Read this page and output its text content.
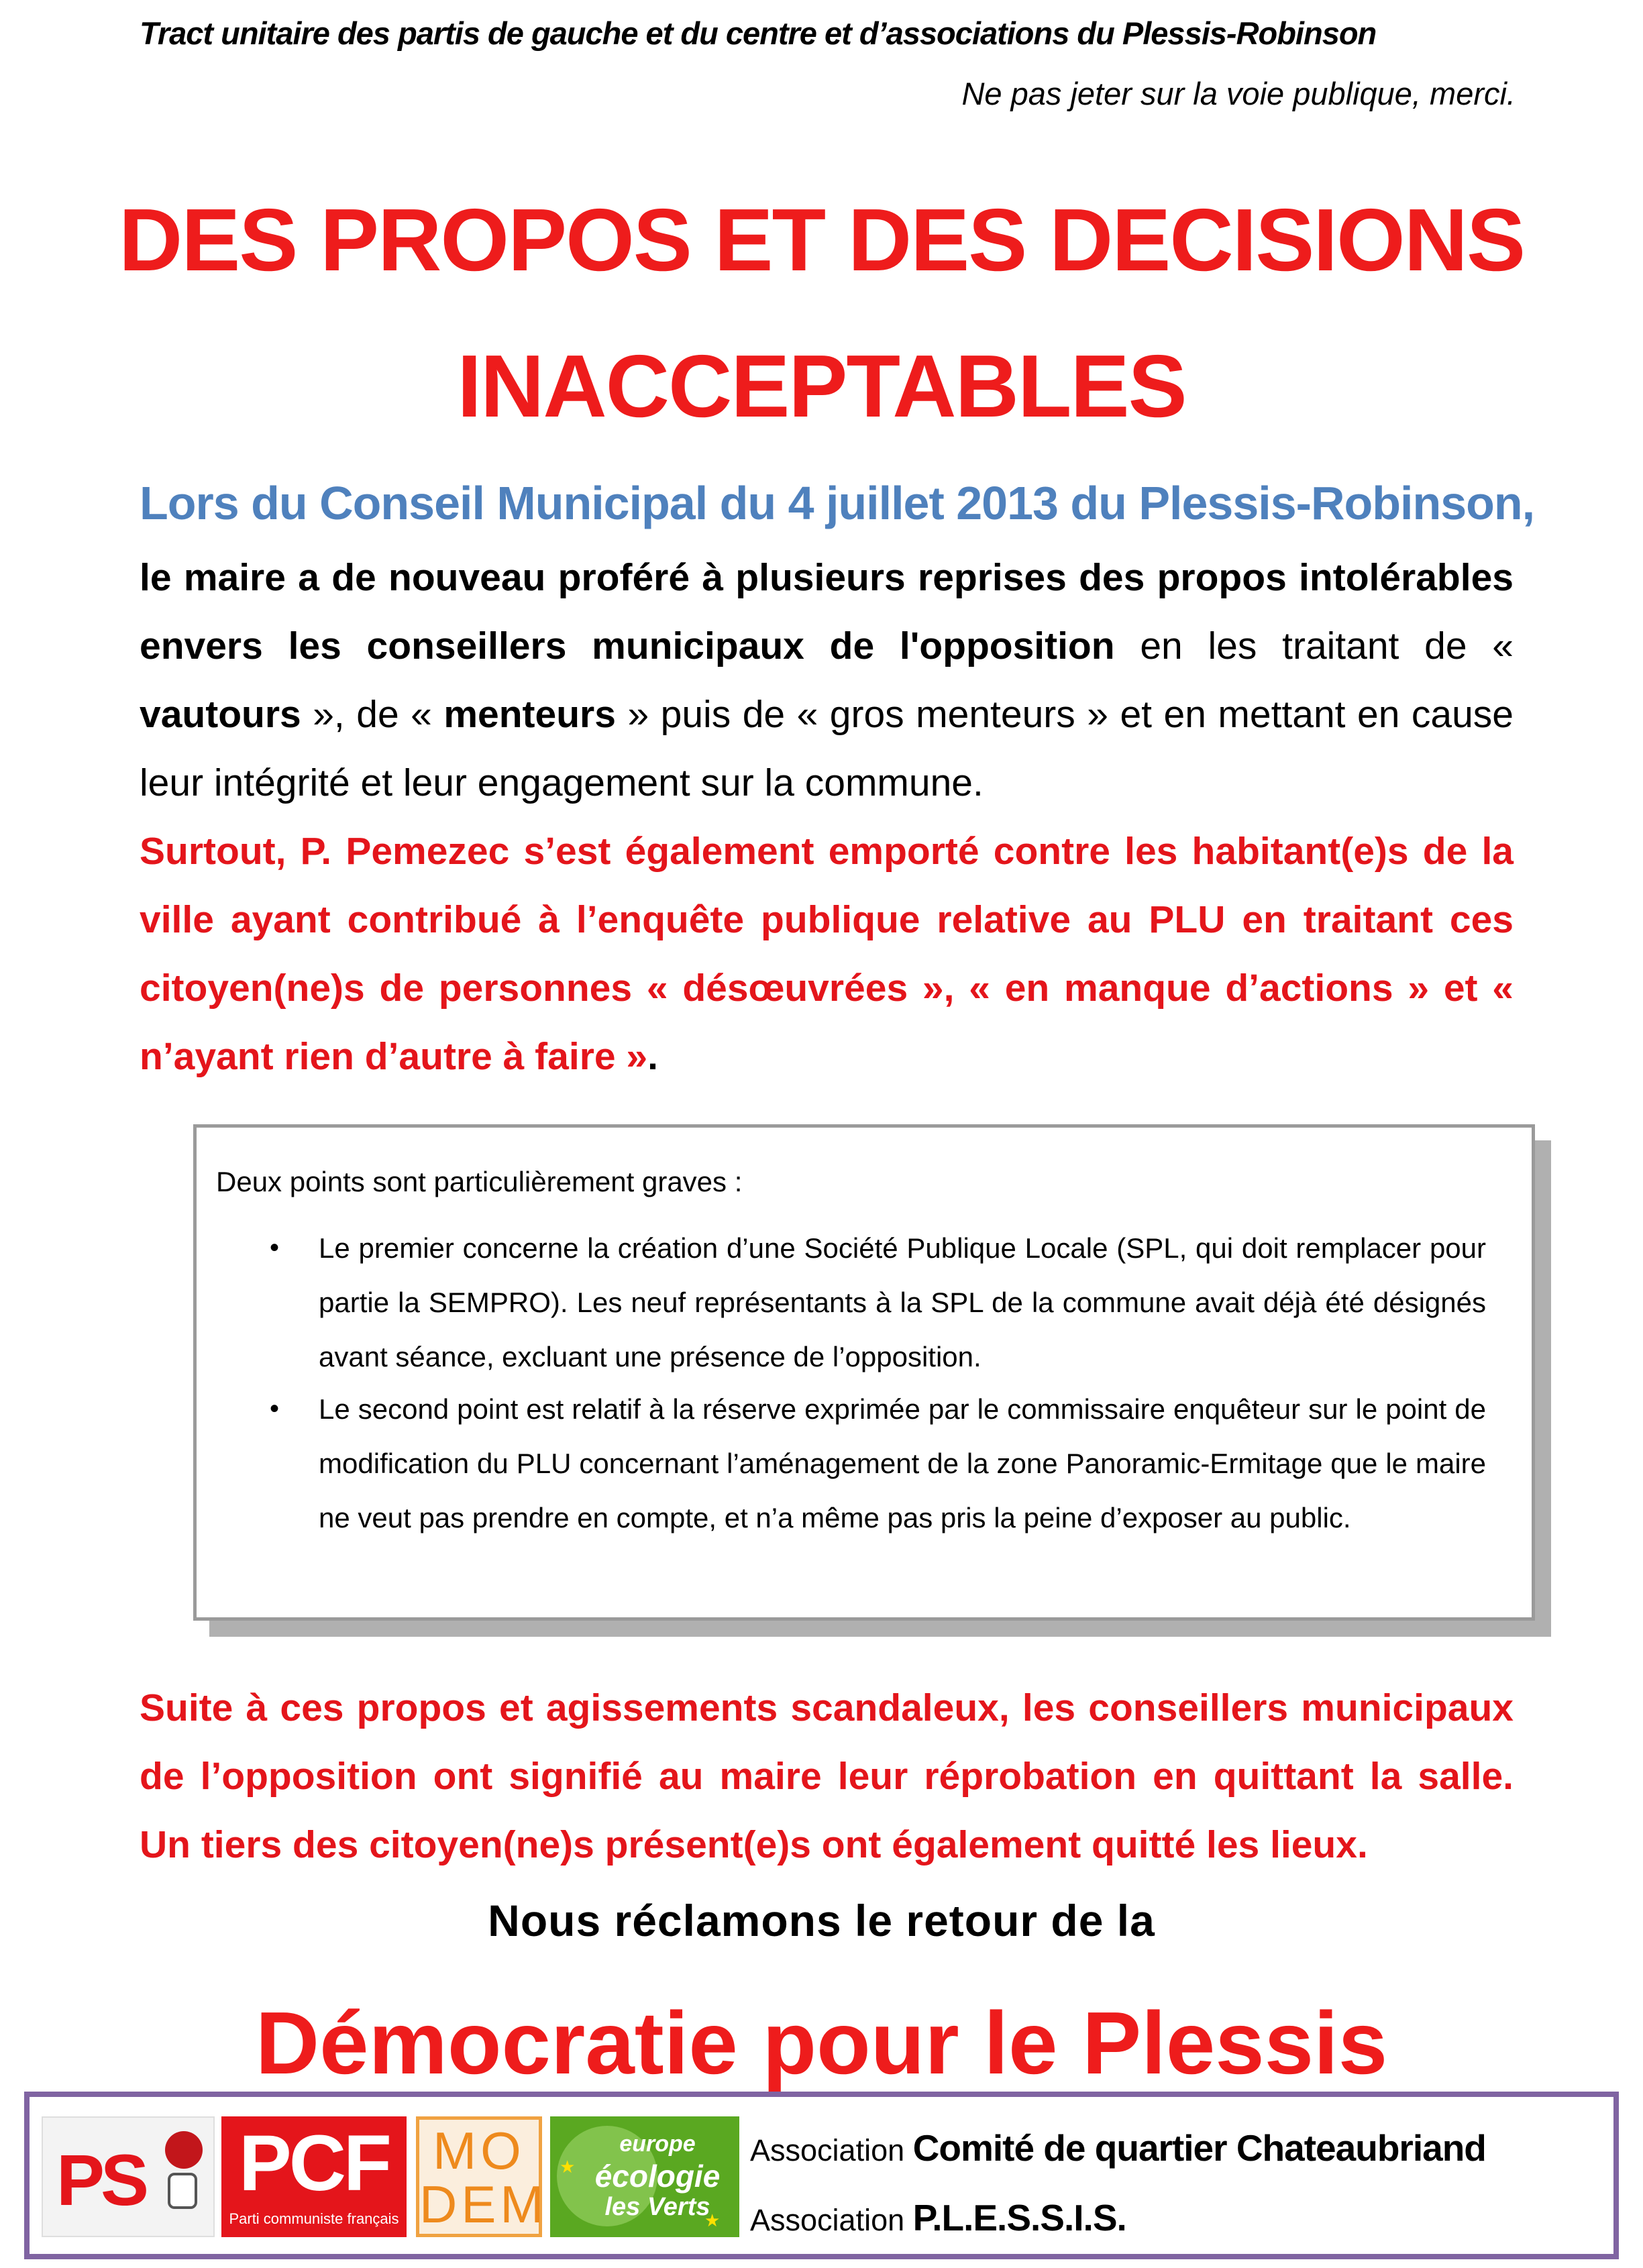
Tract unitaire des partis de gauche et du centre et d’associations du Plessis-Robinson
Ne pas jeter sur la voie publique, merci.
DES PROPOS ET DES DECISIONS
INACCEPTABLES
Lors du Conseil Municipal du 4 juillet 2013 du Plessis-Robinson,
le maire a de nouveau proféré à plusieurs reprises des propos intolérables envers les conseillers municipaux de l'opposition en les traitant de « vautours », de « menteurs » puis de « gros menteurs » et en mettant en cause leur intégrité et leur engagement sur la commune.
Surtout, P. Pemezec s’est également emporté contre les habitant(e)s de la ville ayant contribué à l’enquête publique relative au PLU en traitant ces citoyen(ne)s de personnes « désœuvrées », « en manque d’actions » et « n’ayant rien d’autre à faire ».
Deux points sont particulièrement graves :
• Le premier concerne la création d’une Société Publique Locale (SPL, qui doit remplacer pour partie la SEMPRO). Les neuf représentants à la SPL de la commune avait déjà été désignés avant séance, excluant une présence de l’opposition.
• Le second point est relatif à la réserve exprimée par le commissaire enquêteur sur le point de modification du PLU concernant l’aménagement de la zone Panoramic-Ermitage que le maire ne veut pas prendre en compte, et n’a même pas pris la peine d’exposer au public.
Suite à ces propos et agissements scandaleux, les conseillers municipaux de l’opposition ont signifié au maire leur réprobation en quittant la salle. Un tiers des citoyen(ne)s présent(e)s ont également quitté les lieux.
Nous réclamons le retour de la
Démocratie pour le Plessis
PS PCF
Parti communiste français
MO
DEM
europe
écologie
les Verts
★
★
Association Comité de quartier Chateaubriand
Association P.L.E.S.S.I.S.
